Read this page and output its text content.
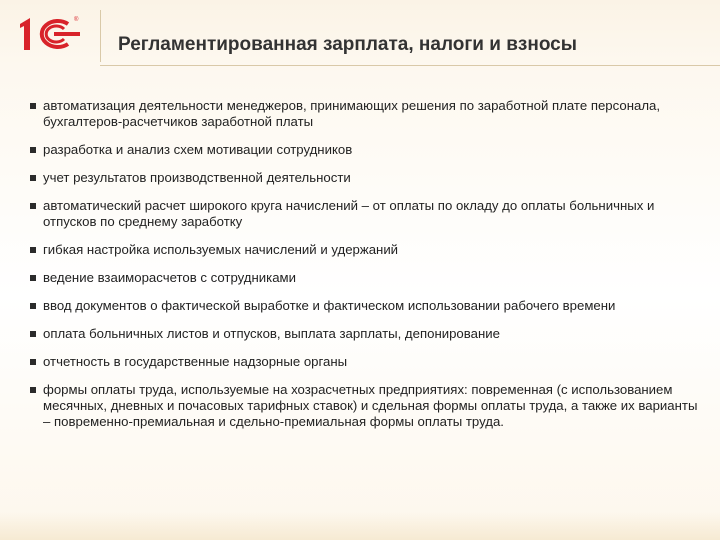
®
Регламентированная зарплата, налоги и взносы
автоматизация деятельности менеджеров, принимающих решения по заработной плате персонала, бухгалтеров-расчетчиков заработной платы
разработка и анализ схем мотивации сотрудников
учет результатов производственной деятельности
автоматический расчет широкого круга начислений – от оплаты по окладу до оплаты больничных и отпусков по среднему заработку
гибкая настройка используемых начислений и удержаний
ведение взаиморасчетов с сотрудниками
ввод документов о фактической выработке и фактическом использовании рабочего времени
оплата больничных листов и отпусков, выплата зарплаты, депонирование
отчетность в государственные надзорные органы
формы оплаты труда, используемые на хозрасчетных предприятиях: повременная (с использованием месячных, дневных и почасовых тарифных ставок) и сдельная формы оплаты труда, а также их варианты – повременно-премиальная и сдельно-премиальная формы оплаты труда.
